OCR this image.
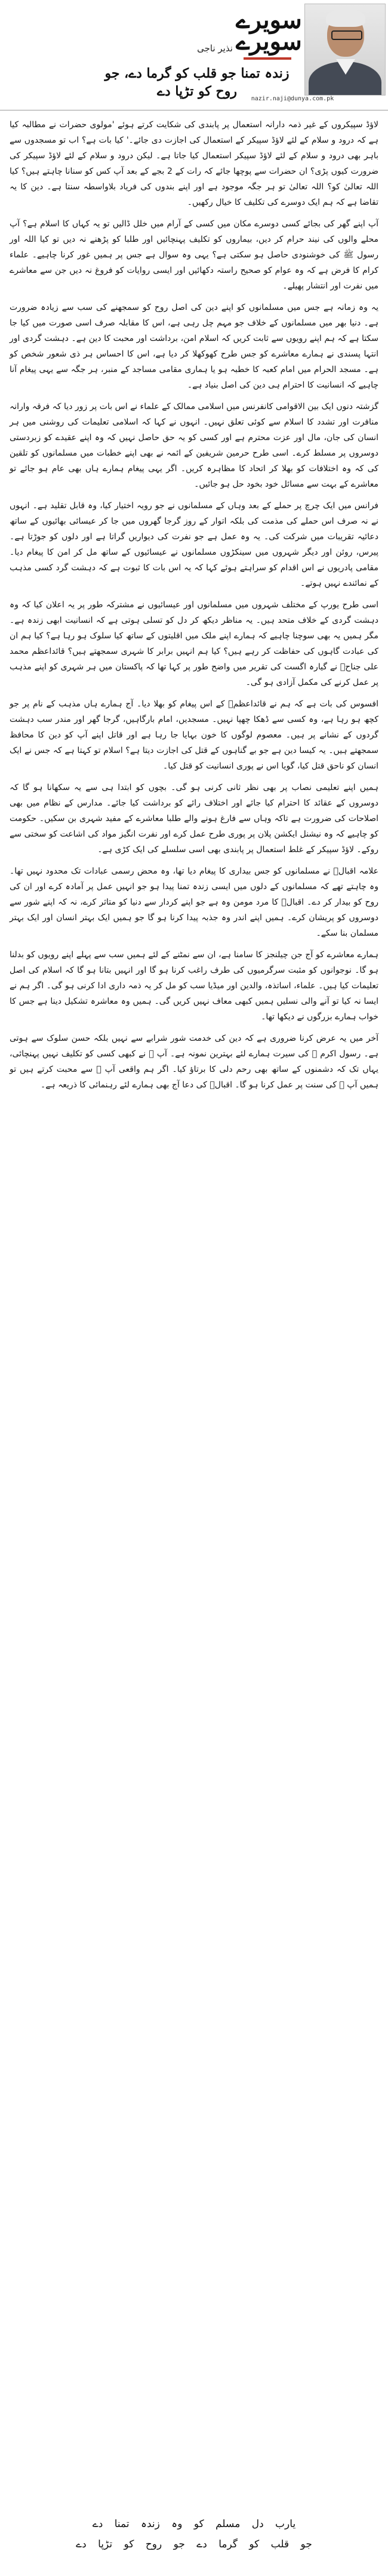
سویرے
سویرے
نذیر ناجی
nazir.naji@dunya.com.pk
زندہ تمنا جو قلب کو گرما دے، جو روح کو تڑپا دے

لاؤڈ سپیکروں کے غیر ذمہ دارانہ استعمال پر پابندی کی شکایت کرتے ہوئے 'مولوی حضرات نے مطالبہ کیا ہے کہ درود و سلام کے لئے لاؤڈ سپیکر کے استعمال کی اجازت دی جائے۔' کیا بات ہے؟ اب تو مسجدوں سے باہر بھی درود و سلام کے لئے لاؤڈ سپیکر استعمال کیا جاتا ہے۔ لیکن درود و سلام کے لئے لاؤڈ سپیکر کی ضرورت کیوں پڑی؟ ان حضرات سے پوچھا جائے کہ رات کے 2 بجے کے بعد آپ کس کو سنانا چاہتے ہیں؟ کیا اللہ تعالیٰ کو؟ اللہ تعالیٰ تو ہر جگہ موجود ہے اور اپنے بندوں کی فریاد بلاواسطہ سنتا ہے۔ دین کا یہ تقاضا ہے کہ ہم ایک دوسرے کی تکلیف کا خیال رکھیں۔

آپ اپنے گھر کی بجائے کسی دوسرے مکان میں کسی کے آرام میں خلل ڈالیں تو یہ کہاں کا اسلام ہے؟ آپ محلے والوں کی نیند حرام کر دیں، بیماروں کو تکلیف پہنچائیں اور طلبا کو پڑھنے نہ دیں تو کیا اللہ اور رسول ﷺ کی خوشنودی حاصل ہو سکتی ہے؟ یہی وہ سوال ہے جس پر ہمیں غور کرنا چاہیے۔ علماء کرام کا فرض ہے کہ وہ عوام کو صحیح راستہ دکھائیں اور ایسی روایات کو فروغ نہ دیں جن سے معاشرے میں نفرت اور انتشار پھیلے۔

یہ وہ زمانہ ہے جس میں مسلمانوں کو اپنے دین کی اصل روح کو سمجھنے کی سب سے زیادہ ضرورت ہے۔ دنیا بھر میں مسلمانوں کے خلاف جو مہم چل رہی ہے، اس کا مقابلہ صرف اسی صورت میں کیا جا سکتا ہے کہ ہم اپنے رویوں سے ثابت کریں کہ اسلام امن، برداشت اور محبت کا دین ہے۔ دہشت گردی اور انتہا پسندی نے ہمارے معاشرے کو جس طرح کھوکھلا کر دیا ہے، اس کا احساس ہر ذی شعور شخص کو ہے۔ مسجد الحرام میں امام کعبہ کا خطبہ ہو یا ہماری مقامی مساجد کے منبر، ہر جگہ سے یہی پیغام آنا چاہیے کہ انسانیت کا احترام ہی دین کی اصل بنیاد ہے۔

گزشتہ دنوں ایک بین الاقوامی کانفرنس میں اسلامی ممالک کے علماء نے اس بات پر زور دیا کہ فرقہ وارانہ منافرت اور تشدد کا اسلام سے کوئی تعلق نہیں۔ انہوں نے کہا کہ اسلامی تعلیمات کی روشنی میں ہر انسان کی جان، مال اور عزت محترم ہے اور کسی کو یہ حق حاصل نہیں کہ وہ اپنے عقیدے کو زبردستی دوسروں پر مسلط کرے۔ اسی طرح حرمین شریفین کے ائمہ نے بھی اپنے خطبات میں مسلمانوں کو تلقین کی کہ وہ اختلافات کو بھلا کر اتحاد کا مظاہرہ کریں۔ اگر یہی پیغام ہمارے ہاں بھی عام ہو جائے تو معاشرے کے بہت سے مسائل خود بخود حل ہو جائیں۔

فرانس میں ایک چرچ پر حملے کے بعد وہاں کے مسلمانوں نے جو رویہ اختیار کیا، وہ قابل تقلید ہے۔ انہوں نے نہ صرف اس حملے کی مذمت کی بلکہ اتوار کے روز گرجا گھروں میں جا کر عیسائی بھائیوں کے ساتھ دعائیہ تقریبات میں شرکت کی۔ یہ وہ عمل ہے جو نفرت کی دیواریں گراتا ہے اور دلوں کو جوڑتا ہے۔ پیرس، روئن اور دیگر شہروں میں سینکڑوں مسلمانوں نے عیسائیوں کے ساتھ مل کر امن کا پیغام دیا۔ مقامی پادریوں نے اس اقدام کو سراہتے ہوئے کہا کہ یہ اس بات کا ثبوت ہے کہ دہشت گرد کسی مذہب کے نمائندے نہیں ہوتے۔

اسی طرح یورپ کے مختلف شہروں میں مسلمانوں اور عیسائیوں نے مشترکہ طور پر یہ اعلان کیا کہ وہ دہشت گردی کے خلاف متحد ہیں۔ یہ مناظر دیکھ کر دل کو تسلی ہوتی ہے کہ انسانیت ابھی زندہ ہے۔ مگر ہمیں یہ بھی سوچنا چاہیے کہ ہمارے اپنے ملک میں اقلیتوں کے ساتھ کیا سلوک ہو رہا ہے؟ کیا ہم ان کی عبادت گاہوں کی حفاظت کر رہے ہیں؟ کیا ہم انہیں برابر کا شہری سمجھتے ہیں؟ قائداعظم محمد علی جناحؒ نے گیارہ اگست کی تقریر میں واضح طور پر کہا تھا کہ پاکستان میں ہر شہری کو اپنے مذہب پر عمل کرنے کی مکمل آزادی ہو گی۔

افسوس کی بات ہے کہ ہم نے قائداعظمؒ کے اس پیغام کو بھلا دیا۔ آج ہمارے ہاں مذہب کے نام پر جو کچھ ہو رہا ہے، وہ کسی سے ڈھکا چھپا نہیں۔ مسجدیں، امام بارگاہیں، گرجا گھر اور مندر سب دہشت گردوں کے نشانے پر ہیں۔ معصوم لوگوں کا خون بہایا جا رہا ہے اور قاتل اپنے آپ کو دین کا محافظ سمجھتے ہیں۔ یہ کیسا دین ہے جو بے گناہوں کے قتل کی اجازت دیتا ہے؟ اسلام تو کہتا ہے کہ جس نے ایک انسان کو ناحق قتل کیا، گویا اس نے پوری انسانیت کو قتل کیا۔

ہمیں اپنے تعلیمی نصاب پر بھی نظر ثانی کرنی ہو گی۔ بچوں کو ابتدا ہی سے یہ سکھانا ہو گا کہ دوسروں کے عقائد کا احترام کیا جائے اور اختلاف رائے کو برداشت کیا جائے۔ مدارس کے نظام میں بھی اصلاحات کی ضرورت ہے تاکہ وہاں سے فارغ ہونے والے طلبا معاشرے کے مفید شہری بن سکیں۔ حکومت کو چاہیے کہ وہ نیشنل ایکشن پلان پر پوری طرح عمل کرے اور نفرت انگیز مواد کی اشاعت کو سختی سے روکے۔ لاؤڈ سپیکر کے غلط استعمال پر پابندی بھی اسی سلسلے کی ایک کڑی ہے۔

علامہ اقبالؒ نے مسلمانوں کو جس بیداری کا پیغام دیا تھا، وہ محض رسمی عبادات تک محدود نہیں تھا۔ وہ چاہتے تھے کہ مسلمانوں کے دلوں میں ایسی زندہ تمنا پیدا ہو جو انہیں عمل پر آمادہ کرے اور ان کی روح کو بیدار کر دے۔ اقبالؒ کا مرد مومن وہ ہے جو اپنے کردار سے دنیا کو متاثر کرے، نہ کہ اپنے شور سے دوسروں کو پریشان کرے۔ ہمیں اپنے اندر وہ جذبہ پیدا کرنا ہو گا جو ہمیں ایک بہتر انسان اور ایک بہتر مسلمان بنا سکے۔

ہمارے معاشرے کو آج جن چیلنجز کا سامنا ہے، ان سے نمٹنے کے لئے ہمیں سب سے پہلے اپنے رویوں کو بدلنا ہو گا۔ نوجوانوں کو مثبت سرگرمیوں کی طرف راغب کرنا ہو گا اور انہیں بتانا ہو گا کہ اسلام کی اصل تعلیمات کیا ہیں۔ علماء، اساتذہ، والدین اور میڈیا سب کو مل کر یہ ذمہ داری ادا کرنی ہو گی۔ اگر ہم نے ایسا نہ کیا تو آنے والی نسلیں ہمیں کبھی معاف نہیں کریں گی۔ ہمیں وہ معاشرہ تشکیل دینا ہے جس کا خواب ہمارے بزرگوں نے دیکھا تھا۔

آخر میں یہ عرض کرنا ضروری ہے کہ دین کی خدمت شور شرابے سے نہیں بلکہ حسن سلوک سے ہوتی ہے۔ رسول اکرم ﷺ کی سیرت ہمارے لئے بہترین نمونہ ہے۔ آپ ﷺ نے کبھی کسی کو تکلیف نہیں پہنچائی، یہاں تک کہ دشمنوں کے ساتھ بھی رحم دلی کا برتاؤ کیا۔ اگر ہم واقعی آپ ﷺ سے محبت کرتے ہیں تو ہمیں آپ ﷺ کی سنت پر عمل کرنا ہو گا۔ اقبالؒ کی دعا آج بھی ہمارے لئے رہنمائی کا ذریعہ ہے۔

یارب دل مسلم کو وہ زندہ تمنا دے
جو قلب کو گرما دے جو روح کو تڑپا دے
